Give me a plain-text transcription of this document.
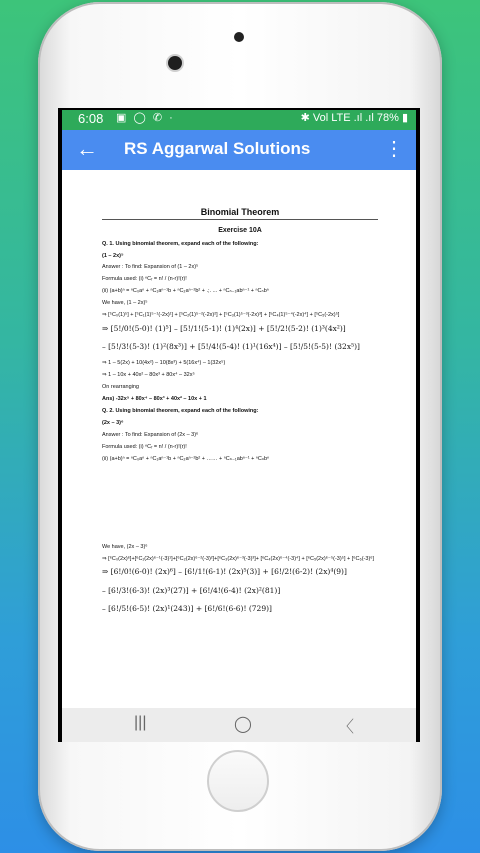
6:08 ▣ ◯ ✆ ·	✱ Vol LTE .ıl .ıl 78% ▮
← RS Aggarwal Solutions	⋮
Binomial Theorem
Exercise 10A

Q. 1. Using binomial theorem, expand each of the following:

(1 – 2x)⁵

Answer : To find: Expansion of (1 – 2x)⁵

Formula used: (i) ⁿCᵣ = n! / (n-r)!(r)!

(ii) (a+b)ⁿ = ⁿC₀aⁿ + ⁿC₁aⁿ⁻¹b + ⁿC₂aⁿ⁻²b² + .;. ... + ⁿCₙ₋₁abⁿ⁻¹ + ⁿCₙbⁿ

We have, (1 – 2x)⁵

⇒ [⁵C₀(1)⁵] + [⁵C₁(1)⁵⁻¹(-2x)¹] + [⁵C₂(1)⁵⁻²(-2x)²] + [⁵C₃(1)⁵⁻³(-2x)³] + [⁵C₄(1)⁵⁻⁴(-2x)⁴] + [⁵C₅(-2x)⁵]

⇒ [5!/0!(5-0)! (1)⁵] – [5!/1!(5-1)! (1)⁴(2x)] + [5!/2!(5-2)! (1)³(4x²)]

– [5!/3!(5-3)! (1)²(8x³)] + [5!/4!(5-4)! (1)¹(16x⁴)] – [5!/5!(5-5)! (32x⁵)]

⇒ 1 – 5(2x) + 10(4x²) – 10(8x³) + 5(16x⁴) – 1(32x⁵)

⇒ 1 – 10x + 40x² – 80x³ + 80x⁴ – 32x⁵

On rearranging

Ans) -32x⁵ + 80x⁴ – 80x³ + 40x² – 10x + 1

Q. 2. Using binomial theorem, expand each of the following:

(2x – 3)⁶

Answer : To find: Expansion of (2x – 3)⁶

Formula used: (i) ⁿCᵣ = n! / (n-r)!(r)!

(ii) (a+b)ⁿ = ⁿC₀aⁿ + ⁿC₁aⁿ⁻¹b + ⁿC₂aⁿ⁻²b² + …… + ⁿCₙ₋₁abⁿ⁻¹ + ⁿCₙbⁿ

We have, (2x – 3)⁶

⇒ [⁶C₀(2x)⁶]+[⁶C₁(2x)⁶⁻¹(-3)¹]+[⁶C₂(2x)⁶⁻²(-3)²]+[⁶C₃(2x)⁶⁻³(-3)³]+ [⁶C₄(2x)⁶⁻⁴(-3)⁴] + [⁶C₅(2x)⁶⁻⁵(-3)⁵] + [⁶C₆(-3)⁶]

⇒ [6!/0!(6-0)! (2x)⁶] – [6!/1!(6-1)! (2x)⁵(3)] + [6!/2!(6-2)! (2x)⁴(9)]

– [6!/3!(6-3)! (2x)³(27)] + [6!/4!(6-4)! (2x)²(81)]

– [6!/5!(6-5)! (2x)¹(243)] + [6!/6!(6-6)! (729)]

|||	◯	〈
